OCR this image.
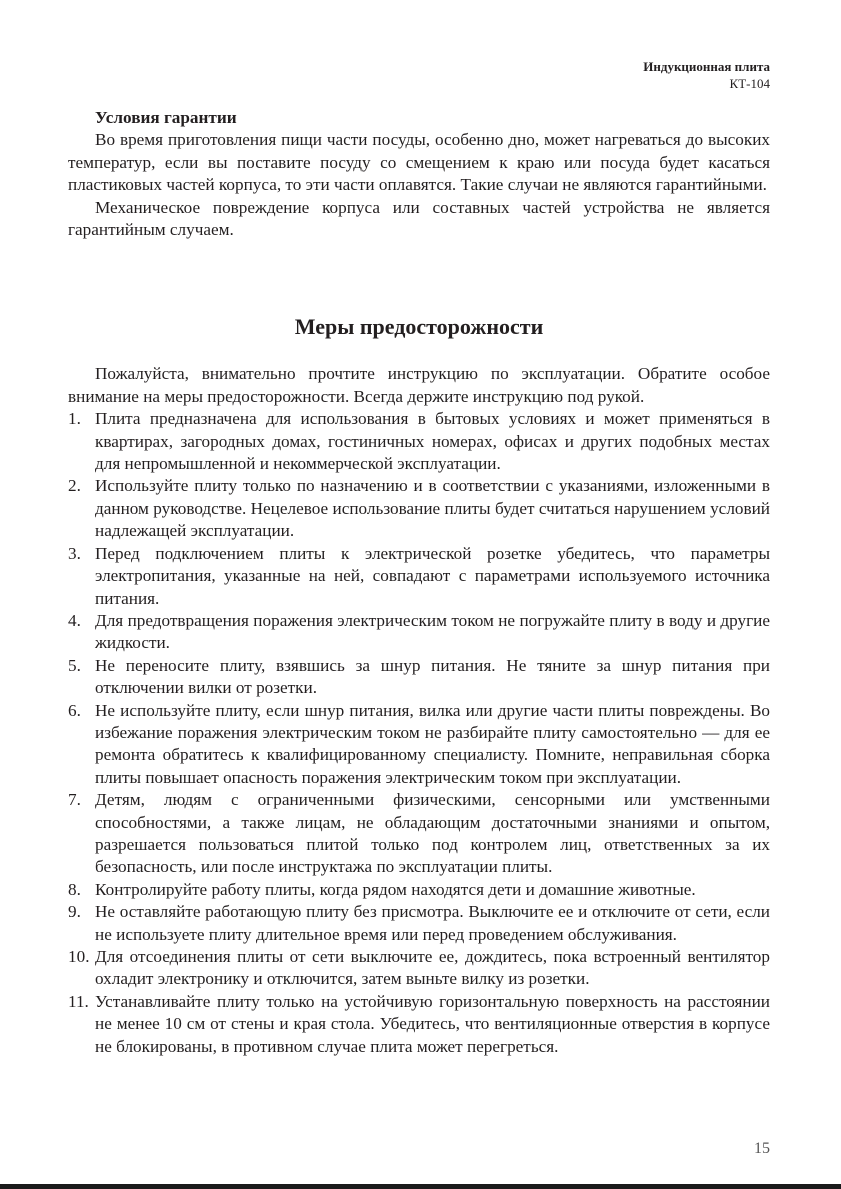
Индукционная плита
КТ-104

Условия гарантии

Во время приготовления пищи части посуды, особенно дно, может нагреваться до высоких температур, если вы поставите посуду со смещением к краю или посуда будет касаться пластиковых частей корпуса, то эти части оплавятся. Такие случаи не являются гарантийными.

Механическое повреждение корпуса или составных частей устройства не является гарантийным случаем.

Меры предосторожности

Пожалуйста, внимательно прочтите инструкцию по эксплуатации. Обратите особое внимание на меры предосторожности. Всегда держите инструкцию под рукой.

1. Плита предназначена для использования в бытовых условиях и может применяться в квартирах, загородных домах, гостиничных номерах, офисах и других подобных местах для непромышленной и некоммерческой эксплуатации.
2. Используйте плиту только по назначению и в соответствии с указаниями, изложенными в данном руководстве. Нецелевое использование плиты будет считаться нарушением условий надлежащей эксплуатации.
3. Перед подключением плиты к электрической розетке убедитесь, что параметры электропитания, указанные на ней, совпадают с параметрами используемого источника питания.
4. Для предотвращения поражения электрическим током не погружайте плиту в воду и другие жидкости.
5. Не переносите плиту, взявшись за шнур питания. Не тяните за шнур питания при отключении вилки от розетки.
6. Не используйте плиту, если шнур питания, вилка или другие части плиты повреждены. Во избежание поражения электрическим током не разбирайте плиту самостоятельно — для ее ремонта обратитесь к квалифицированному специалисту. Помните, неправильная сборка плиты повышает опасность поражения электрическим током при эксплуатации.
7. Детям, людям с ограниченными физическими, сенсорными или умственными способностями, а также лицам, не обладающим достаточными знаниями и опытом, разрешается пользоваться плитой только под контролем лиц, ответственных за их безопасность, или после инструктажа по эксплуатации плиты.
8. Контролируйте работу плиты, когда рядом находятся дети и домашние животные.
9. Не оставляйте работающую плиту без присмотра. Выключите ее и отключите от сети, если не используете плиту длительное время или перед проведением обслуживания.
10. Для отсоединения плиты от сети выключите ее, дождитесь, пока встроенный вентилятор охладит электронику и отключится, затем выньте вилку из розетки.
11. Устанавливайте плиту только на устойчивую горизонтальную поверхность на расстоянии не менее 10 см от стены и края стола. Убедитесь, что вентиляционные отверстия в корпусе не блокированы, в противном случае плита может перегреться.
15
